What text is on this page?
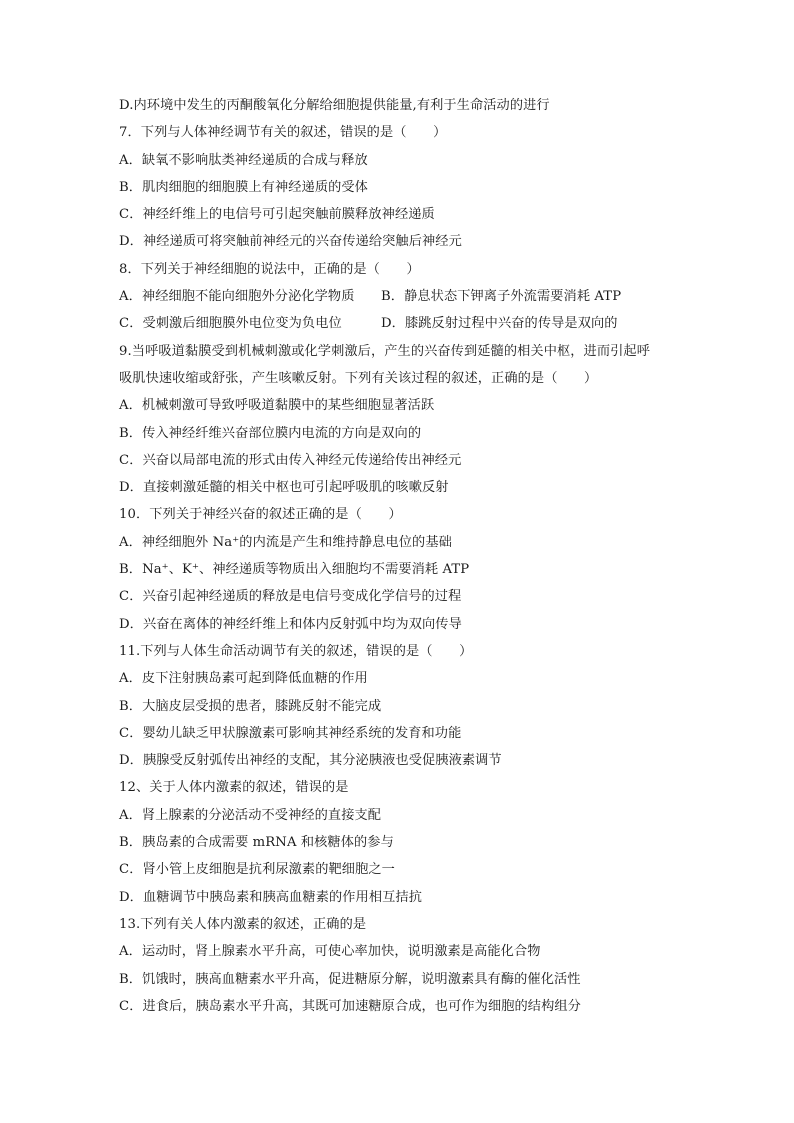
D.内环境中发生的丙酮酸氧化分解给细胞提供能量,有利于生命活动的进行
7．下列与人体神经调节有关的叙述，错误的是（　　）
A．缺氧不影响肽类神经递质的合成与释放
B．肌肉细胞的细胞膜上有神经递质的受体
C．神经纤维上的电信号可引起突触前膜释放神经递质
D．神经递质可将突触前神经元的兴奋传递给突触后神经元
8．下列关于神经细胞的说法中，正确的是（　　）
A．神经细胞不能向细胞外分泌化学物质	B．静息状态下钾离子外流需要消耗 ATP
C．受刺激后细胞膜外电位变为负电位	D．膝跳反射过程中兴奋的传导是双向的
9.当呼吸道黏膜受到机械刺激或化学刺激后，产生的兴奋传到延髓的相关中枢，进而引起呼
吸肌快速收缩或舒张，产生咳嗽反射。下列有关该过程的叙述，正确的是（　　）
A．机械刺激可导致呼吸道黏膜中的某些细胞显著活跃
B．传入神经纤维兴奋部位膜内电流的方向是双向的
C．兴奋以局部电流的形式由传入神经元传递给传出神经元
D．直接刺激延髓的相关中枢也可引起呼吸肌的咳嗽反射
10．下列关于神经兴奋的叙述正确的是（　　）
A．神经细胞外 Na⁺的内流是产生和维持静息电位的基础
B．Na⁺、K⁺、神经递质等物质出入细胞均不需要消耗 ATP
C．兴奋引起神经递质的释放是电信号变成化学信号的过程
D．兴奋在离体的神经纤维上和体内反射弧中均为双向传导
11.下列与人体生命活动调节有关的叙述，错误的是（　　）
A．皮下注射胰岛素可起到降低血糖的作用
B．大脑皮层受损的患者，膝跳反射不能完成
C．婴幼儿缺乏甲状腺激素可影响其神经系统的发育和功能
D．胰腺受反射弧传出神经的支配，其分泌胰液也受促胰液素调节
12、关于人体内激素的叙述，错误的是
A．肾上腺素的分泌活动不受神经的直接支配
B．胰岛素的合成需要 mRNA 和核糖体的参与
C．肾小管上皮细胞是抗利尿激素的靶细胞之一
D．血糖调节中胰岛素和胰高血糖素的作用相互拮抗
13.下列有关人体内激素的叙述，正确的是
A．运动时，肾上腺素水平升高，可使心率加快，说明激素是高能化合物
B．饥饿时，胰高血糖素水平升高，促进糖原分解，说明激素具有酶的催化活性
C．进食后，胰岛素水平升高，其既可加速糖原合成，也可作为细胞的结构组分
